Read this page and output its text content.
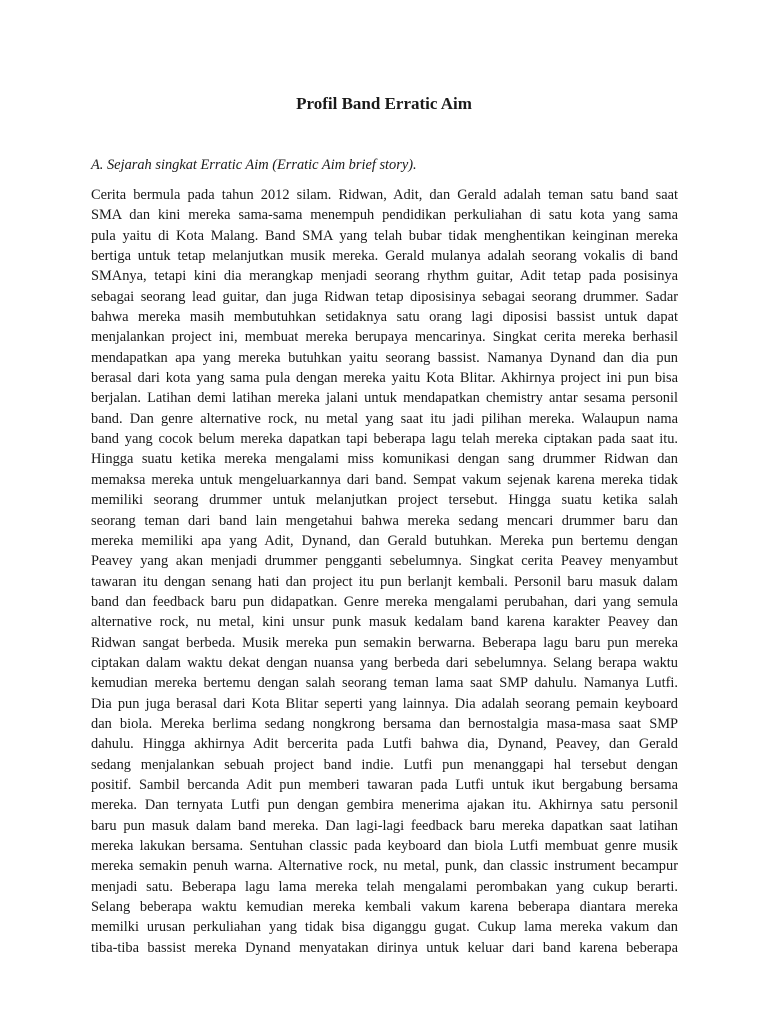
Profil Band Erratic Aim

A. Sejarah singkat Erratic Aim (Erratic Aim brief story).

Cerita bermula pada tahun 2012 silam. Ridwan, Adit, dan Gerald adalah teman satu band saat
SMA dan kini mereka sama-sama menempuh pendidikan perkuliahan di satu kota yang sama
pula yaitu di Kota Malang. Band SMA yang telah bubar tidak menghentikan keinginan mereka
bertiga untuk tetap melanjutkan musik mereka. Gerald mulanya adalah seorang vokalis di band
SMAnya, tetapi kini dia merangkap menjadi seorang rhythm guitar, Adit tetap pada posisinya
sebagai seorang lead guitar, dan juga Ridwan tetap diposisinya sebagai seorang drummer. Sadar
bahwa mereka masih membutuhkan setidaknya satu orang lagi diposisi bassist untuk dapat
menjalankan project ini, membuat mereka berupaya mencarinya. Singkat cerita mereka berhasil
mendapatkan apa yang mereka butuhkan yaitu seorang bassist. Namanya Dynand dan dia pun
berasal dari kota yang sama pula dengan mereka yaitu Kota Blitar. Akhirnya project ini pun bisa
berjalan. Latihan demi latihan mereka jalani untuk mendapatkan chemistry antar sesama personil
band. Dan genre alternative rock, nu metal yang saat itu jadi pilihan mereka. Walaupun nama
band yang cocok belum mereka dapatkan tapi beberapa lagu telah mereka ciptakan pada saat itu.
Hingga suatu ketika mereka mengalami miss komunikasi dengan sang drummer Ridwan dan
memaksa mereka untuk mengeluarkannya dari band. Sempat vakum sejenak karena mereka tidak
memiliki seorang drummer untuk melanjutkan project tersebut. Hingga suatu ketika salah
seorang teman dari band lain mengetahui bahwa mereka sedang mencari drummer baru dan
mereka memiliki apa yang Adit, Dynand, dan Gerald butuhkan. Mereka pun bertemu dengan
Peavey yang akan menjadi drummer pengganti sebelumnya. Singkat cerita Peavey menyambut
tawaran itu dengan senang hati dan project itu pun berlanjt kembali. Personil baru masuk dalam
band dan feedback baru pun didapatkan. Genre mereka mengalami perubahan, dari yang semula
alternative rock, nu metal, kini unsur punk masuk kedalam band karena karakter Peavey dan
Ridwan sangat berbeda. Musik mereka pun semakin berwarna. Beberapa lagu baru pun mereka
ciptakan dalam waktu dekat dengan nuansa yang berbeda dari sebelumnya. Selang berapa waktu
kemudian mereka bertemu dengan salah seorang teman lama saat SMP dahulu. Namanya Lutfi.
Dia pun juga berasal dari Kota Blitar seperti yang lainnya. Dia adalah seorang pemain keyboard
dan biola. Mereka berlima sedang nongkrong bersama dan bernostalgia masa-masa saat SMP
dahulu. Hingga akhirnya Adit bercerita pada Lutfi bahwa dia, Dynand, Peavey, dan Gerald
sedang menjalankan sebuah project band indie. Lutfi pun menanggapi hal tersebut dengan
positif. Sambil bercanda Adit pun memberi tawaran pada Lutfi untuk ikut bergabung bersama
mereka. Dan ternyata Lutfi pun dengan gembira menerima ajakan itu. Akhirnya satu personil
baru pun masuk dalam band mereka. Dan lagi-lagi feedback baru mereka dapatkan saat latihan
mereka lakukan bersama. Sentuhan classic pada keyboard dan biola Lutfi membuat genre musik
mereka semakin penuh warna. Alternative rock, nu metal, punk, dan classic instrument becampur
menjadi satu. Beberapa lagu lama mereka telah mengalami perombakan yang cukup berarti.
Selang beberapa waktu kemudian mereka kembali vakum karena beberapa diantara mereka
memilki urusan perkuliahan yang tidak bisa diganggu gugat. Cukup lama mereka vakum dan
tiba-tiba bassist mereka Dynand menyatakan dirinya untuk keluar dari band karena beberapa
